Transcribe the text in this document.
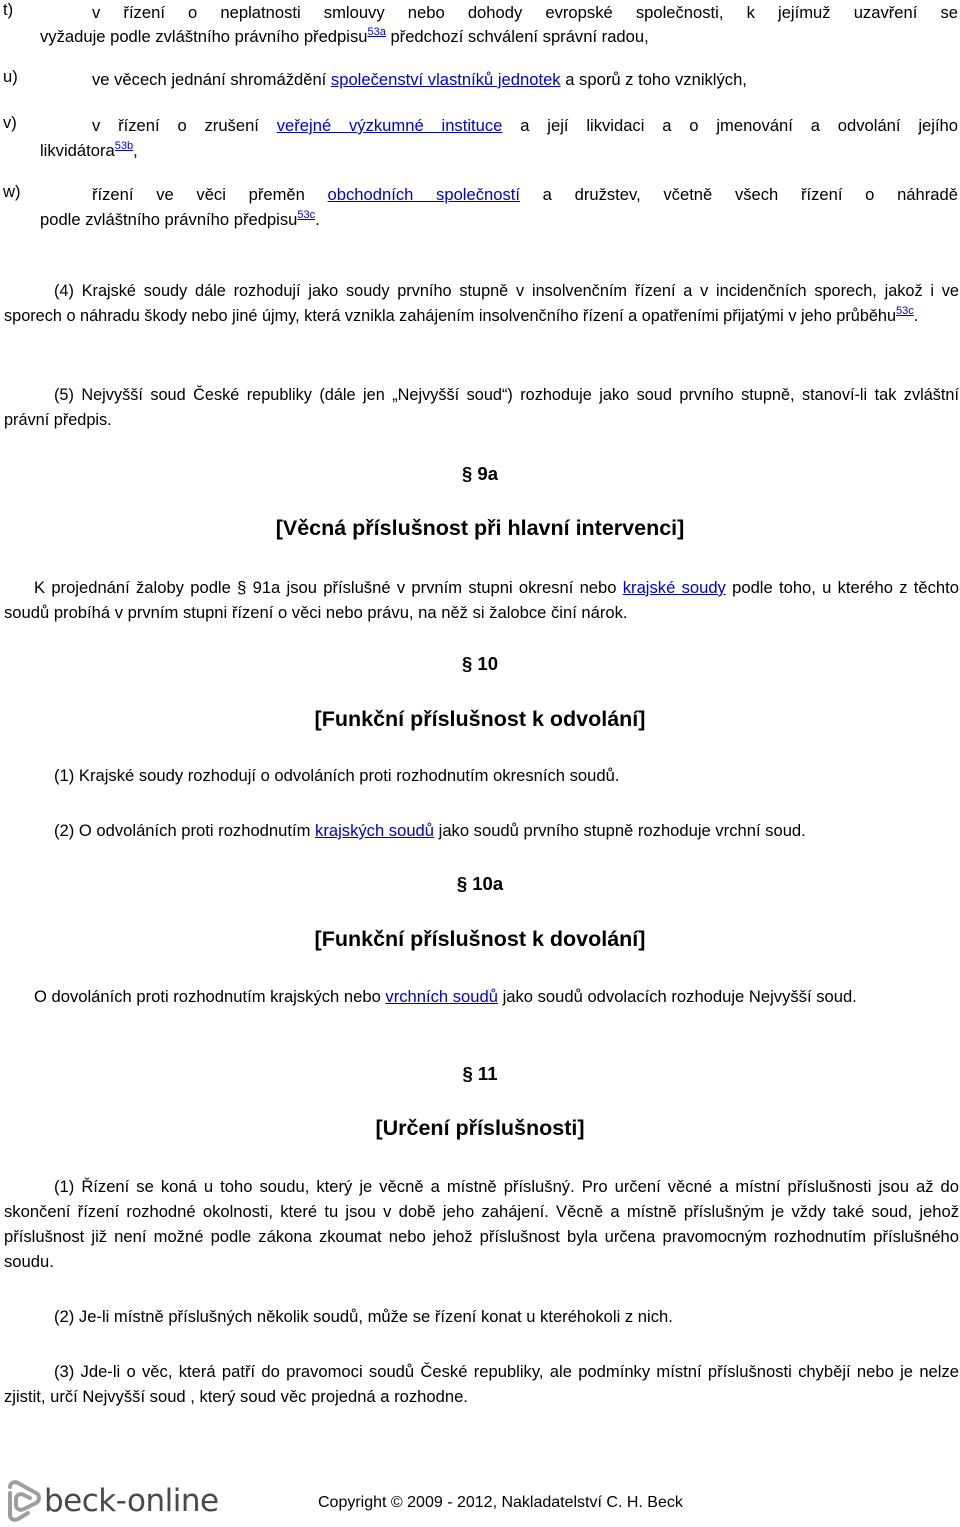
t)	v řízení o neplatnosti smlouvy nebo dohody evropské společnosti, k jejímuž uzavření se
vyžaduje podle zvláštního právního předpisu$^{53a}$ předchozí schválení správní radou,
u)	ve věcech jednání shromáždění společenství vlastníků jednotek a sporů z toho vzniklých,
v)	v řízení o zrušení veřejné výzkumné instituce a její likvidaci a o jmenování a odvolání jejího
likvidátora$^{53b}$,
w)	řízení ve věci přeměn obchodních společností a družstev, včetně všech řízení o náhradě
podle zvláštního právního předpisu$^{53c}$.
(4) Krajské soudy dále rozhodují jako soudy prvního stupně v insolvenčním řízení a v incidenčních sporech, jakož i ve sporech o náhradu škody nebo jiné újmy, která vznikla zahájením insolvenčního řízení a opatřeními přijatými v jeho průběhu$^{53c}$.
(5) Nejvyšší soud České republiky (dále jen „Nejvyšší soud“) rozhoduje jako soud prvního stupně, stanoví-li tak zvláštní právní předpis.
§ 9a
[Věcná příslušnost při hlavní intervenci]
K projednání žaloby podle § 91a jsou příslušné v prvním stupni okresní nebo krajské soudy podle toho, u kterého z těchto soudů probíhá v prvním stupni řízení o věci nebo právu, na něž si žalobce činí nárok.
§ 10
[Funkční příslušnost k odvolání]
(1) Krajské soudy rozhodují o odvoláních proti rozhodnutím okresních soudů.
(2) O odvoláních proti rozhodnutím krajských soudů jako soudů prvního stupně rozhoduje vrchní soud.
§ 10a
[Funkční příslušnost k dovolání]
O dovoláních proti rozhodnutím krajských nebo vrchních soudů jako soudů odvolacích rozhoduje Nejvyšší soud.
§ 11
[Určení příslušnosti]
(1) Řízení se koná u toho soudu, který je věcně a místně příslušný. Pro určení věcné a místní příslušnosti jsou až do skončení řízení rozhodné okolnosti, které tu jsou v době jeho zahájení. Věcně a místně příslušným je vždy také soud, jehož příslušnost již není možné podle zákona zkoumat nebo jehož příslušnost byla určena pravomocným rozhodnutím příslušného soudu.
(2) Je-li místně příslušných několik soudů, může se řízení konat u kteréhokoli z nich.
(3) Jde-li o věc, která patří do pravomoci soudů České republiky, ale podmínky místní příslušnosti chybějí nebo je nelze zjistit, určí Nejvyšší soud , který soud věc projedná a rozhodne.
beck-online	Copyright © 2009 - 2012, Nakladatelství C. H. Beck
